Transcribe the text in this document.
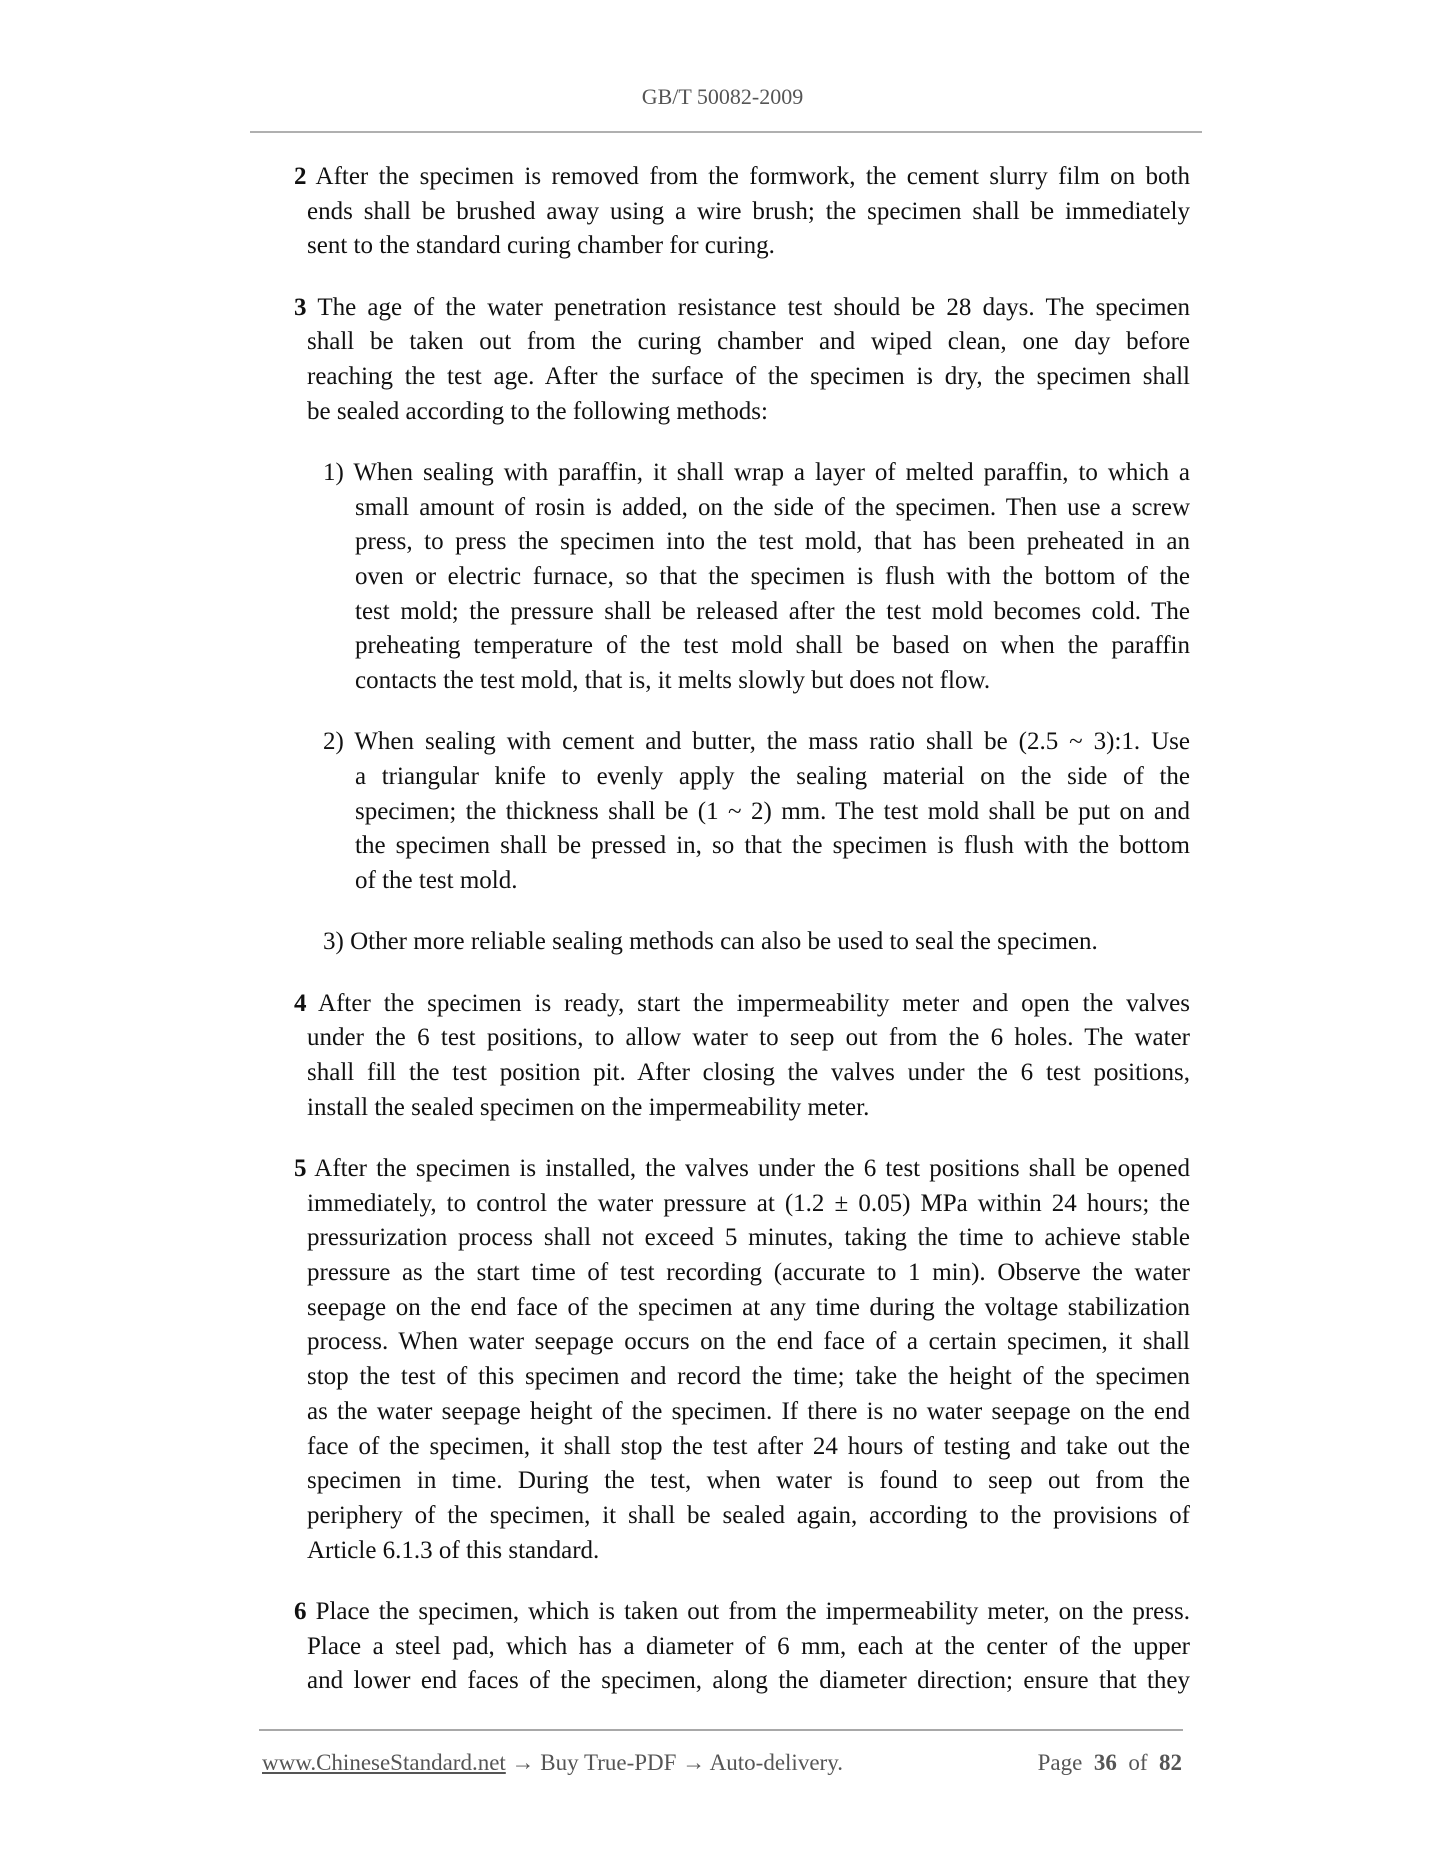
GB/T 50082-2009
2 After the specimen is removed from the formwork, the cement slurry film on both
ends shall be brushed away using a wire brush; the specimen shall be immediately
sent to the standard curing chamber for curing.
3 The age of the water penetration resistance test should be 28 days. The specimen
shall be taken out from the curing chamber and wiped clean, one day before
reaching the test age. After the surface of the specimen is dry, the specimen shall
be sealed according to the following methods:
1) When sealing with paraffin, it shall wrap a layer of melted paraffin, to which a
small amount of rosin is added, on the side of the specimen. Then use a screw
press, to press the specimen into the test mold, that has been preheated in an
oven or electric furnace, so that the specimen is flush with the bottom of the
test mold; the pressure shall be released after the test mold becomes cold. The
preheating temperature of the test mold shall be based on when the paraffin
contacts the test mold, that is, it melts slowly but does not flow.
2) When sealing with cement and butter, the mass ratio shall be (2.5 ~ 3):1. Use
a triangular knife to evenly apply the sealing material on the side of the
specimen; the thickness shall be (1 ~ 2) mm. The test mold shall be put on and
the specimen shall be pressed in, so that the specimen is flush with the bottom
of the test mold.
3) Other more reliable sealing methods can also be used to seal the specimen.
4 After the specimen is ready, start the impermeability meter and open the valves
under the 6 test positions, to allow water to seep out from the 6 holes. The water
shall fill the test position pit. After closing the valves under the 6 test positions,
install the sealed specimen on the impermeability meter.
5 After the specimen is installed, the valves under the 6 test positions shall be opened
immediately, to control the water pressure at (1.2 ± 0.05) MPa within 24 hours; the
pressurization process shall not exceed 5 minutes, taking the time to achieve stable
pressure as the start time of test recording (accurate to 1 min). Observe the water
seepage on the end face of the specimen at any time during the voltage stabilization
process. When water seepage occurs on the end face of a certain specimen, it shall
stop the test of this specimen and record the time; take the height of the specimen
as the water seepage height of the specimen. If there is no water seepage on the end
face of the specimen, it shall stop the test after 24 hours of testing and take out the
specimen in time. During the test, when water is found to seep out from the
periphery of the specimen, it shall be sealed again, according to the provisions of
Article 6.1.3 of this standard.
6 Place the specimen, which is taken out from the impermeability meter, on the press.
Place a steel pad, which has a diameter of 6 mm, each at the center of the upper
and lower end faces of the specimen, along the diameter direction; ensure that they
www.ChineseStandard.net → Buy True-PDF → Auto-delivery.	Page 36 of 82
